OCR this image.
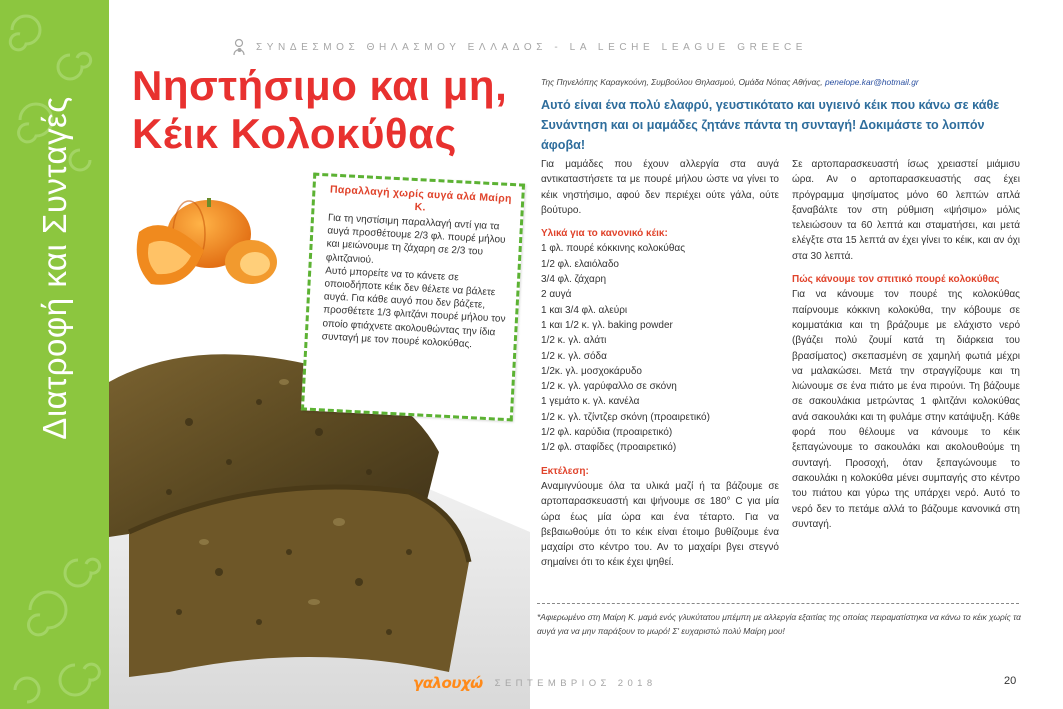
Διατροφή και Συνταγές
ΣΥΝΔΕΣΜΟΣ ΘΗΛΑΣΜΟΥ ΕΛΛΑΔΟΣ - LA LECHE LEAGUE GREECE
Νηστήσιμο και μη, Κέικ Κολοκύθας
Παραλλαγή χωρίς αυγά αλά Μαίρη Κ.

Για τη νηστίσιμη παραλλαγή αντί για τα αυγά προσθέτουμε 2/3 φλ. πουρέ μήλου και μειώνουμε τη ζάχαρη σε 2/3 του φλιτζανιού.

Αυτό μπορείτε να το κάνετε σε οποιοδήποτε κέικ δεν θέλετε να βάλετε αυγά. Για κάθε αυγό που δεν βάζετε, προσθέτετε 1/3 φλιτζάνι πουρέ μήλου τον οποίο φτιάχνετε ακολουθώντας την ίδια συνταγή με τον πουρέ κολοκύθας.

Της Πηνελόπης Καραγκούνη, Συμβούλου Θηλασμού, Ομάδα Νότιας Αθήνας, penelope.kar@hotmail.gr

Αυτό είναι ένα πολύ ελαφρύ, γευστικότατο και υγιεινό κέικ που κάνω σε κάθε Συνάντηση και οι μαμάδες ζητάνε πάντα τη συνταγή! Δοκιμάστε το λοιπόν άφοβα!

Για μαμάδες που έχουν αλλεργία στα αυγά αντικαταστήσετε τα με πουρέ μήλου ώστε να γίνει το κέικ νηστήσιμο, αφού δεν περιέχει ούτε γάλα, ούτε βούτυρο.

Υλικά για το κανονικό κέικ:
1 φλ. πουρέ κόκκινης κολοκύθας
1/2 φλ. ελαιόλαδο
3/4 φλ. ζάχαρη
2 αυγά
1 και 3/4 φλ. αλεύρι
1 και 1/2 κ. γλ. baking powder
1/2 κ. γλ. αλάτι
1/2 κ. γλ. σόδα
1/2κ. γλ. μοσχοκάρυδο
1/2 κ. γλ. γαρύφαλλο σε σκόνη
1 γεμάτο κ. γλ. κανέλα
1/2 κ. γλ. τζίντζερ σκόνη (προαιρετικό)
1/2 φλ. καρύδια (προαιρετικό)
1/2 φλ. σταφίδες (προαιρετικό)
Εκτέλεση:

Αναμιγνύουμε όλα τα υλικά μαζί ή τα βάζουμε σε αρτοπαρασκευαστή και ψήνουμε σε 180° C για μία ώρα έως μία ώρα και ένα τέταρτο. Για να βεβαιωθούμε ότι το κέικ είναι έτοιμο βυθίζουμε ένα μαχαίρι στο κέντρο του. Αν το μαχαίρι βγει στεγνό σημαίνει ότι το κέικ έχει ψηθεί.

Σε αρτοπαρασκευαστή ίσως χρειαστεί μιάμισυ ώρα. Αν ο αρτοπαρασκευαστής σας έχει πρόγραμμα ψησίματος μόνο 60 λεπτών απλά ξαναβάλτε τον στη ρύθμιση «ψήσιμο» μόλις τελειώσουν τα 60 λεπτά και σταματήσει, και μετά ελέγξτε στα 15 λεπτά αν έχει γίνει το κέικ, και αν όχι στα 30 λεπτά.

Πώς κάνουμε τον σπιτικό πουρέ κολοκύθας

Για να κάνουμε τον πουρέ της κολοκύθας παίρνουμε κόκκινη κολοκύθα, την κόβουμε σε κομματάκια και τη βράζουμε με ελάχιστο νερό (βγάζει πολύ ζουμί κατά τη διάρκεια του βρασίματος) σκεπασμένη σε χαμηλή φωτιά μέχρι να μαλακώσει. Μετά την στραγγίζουμε και τη λιώνουμε σε ένα πιάτο με ένα πιρούνι. Τη βάζουμε σε σακουλάκια μετρώντας 1 φλιτζάνι κολοκύθας ανά σακουλάκι και τη φυλάμε στην κατάψυξη. Κάθε φορά που θέλουμε να κάνουμε το κέικ ξεπαγώνουμε το σακουλάκι και ακολουθούμε τη συνταγή. Προσοχή, όταν ξεπαγώνουμε το σακουλάκι η κολοκύθα μένει συμπαγής στο κέντρο του πιάτου και γύρω της υπάρχει νερό. Αυτό το νερό δεν το πετάμε αλλά το βάζουμε κανονικά στη συνταγή.

*Αφιερωμένο στη Μαίρη Κ. μαμά ενός γλυκύτατου μπέμπη με αλλεργία εξαιτίας της οποίας πειραματίστηκα να κάνω το κέικ χωρίς τα αυγά για να μην παράξουν το μωρό! Σ' ευχαριστώ πολύ Μαίρη μου!

γαλουχώ ΣΕΠΤΕΜΒΡΙΟΣ 2018	20
